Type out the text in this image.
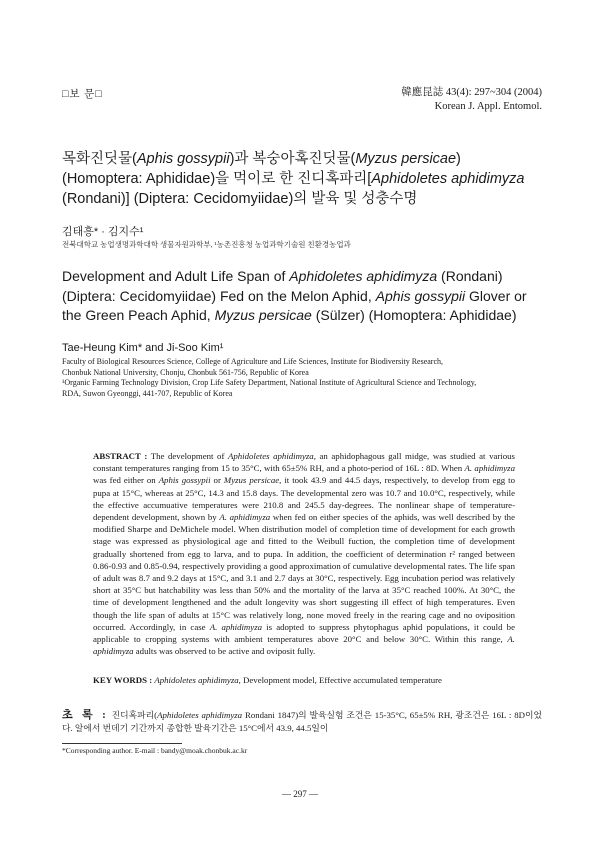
□보 문□	韓應昆誌 43(4): 297~304 (2004)
Korean J. Appl. Entomol.
목화진딧물(Aphis gossypii)과 복숭아혹진딧물(Myzus persicae) (Homoptera: Aphididae)을 먹이로 한 진디혹파리[Aphidoletes aphidimyza (Rondani)] (Diptera: Cecidomyiidae)의 발육 및 성충수명
김태흥* · 김지수¹
전북대학교 농업생명과학대학 생물자원과학부, ¹농촌진흥청 농업과학기술원 친환경농업과
Development and Adult Life Span of Aphidoletes aphidimyza (Rondani) (Diptera: Cecidomyiidae) Fed on the Melon Aphid, Aphis gossypii Glover or the Green Peach Aphid, Myzus persicae (Sülzer) (Homoptera: Aphididae)
Tae-Heung Kim* and Ji-Soo Kim¹
Faculty of Biological Resources Science, College of Agriculture and Life Sciences, Institute for Biodiversity Research,
Chonbuk National University, Chonju, Chonbuk 561-756, Republic of Korea
¹Organic Farming Technology Division, Crop Life Safety Department, National Institute of Agricultural Science and Technology,
RDA, Suwon Gyeonggi, 441-707, Republic of Korea
ABSTRACT : The development of Aphidoletes aphidimyza, an aphidophagous gall midge, was studied at various constant temperatures ranging from 15 to 35°C, with 65±5% RH, and a photo-period of 16L : 8D. When A. aphidimyza was fed either on Aphis gossypii or Myzus persicae, it took 43.9 and 44.5 days, respectively, to develop from egg to pupa at 15°C, whereas at 25°C, 14.3 and 15.8 days. The developmental zero was 10.7 and 10.0°C, respectively, while the effective accumuative temperatures were 210.8 and 245.5 day-degrees. The nonlinear shape of temperature-dependent development, shown by A. aphidimyza when fed on either species of the aphids, was well described by the modified Sharpe and DeMichele model. When distribution model of completion time of development for each growth stage was expressed as physiological age and fitted to the Weibull fuction, the completion time of development gradually shortened from egg to larva, and to pupa. In addition, the coefficient of determination r² ranged between 0.86-0.93 and 0.85-0.94, respectively providing a good approximation of cumulative developmental rates. The life span of adult was 8.7 and 9.2 days at 15°C, and 3.1 and 2.7 days at 30°C, respectively. Egg incubation period was relatively short at 35°C but hatchability was less than 50% and the mortality of the larva at 35°C reached 100%. At 30°C, the time of development lengthened and the adult longevity was short suggesting ill effect of high temperatures. Even though the life span of adults at 15°C was relatively long, none moved freely in the rearing cage and no oviposition occurred. Accordingly, in case A. aphidimyza is adopted to suppress phytophagus aphid populations, it could be applicable to cropping systems with ambient temperatures above 20°C and below 30°C. Within this range, A. aphidimyza adults was observed to be active and oviposit fully.
KEY WORDS : Aphidoletes aphidimyza, Development model, Effective accumulated temperature
초 록 : 진디혹파리(Aphidoletes aphidimyza Rondani 1847)의 발육실험 조건은 15-35°C, 65±5% RH, 광조건은 16L : 8D이었다. 알에서 번데기 기간까지 종합한 발육기간은 15°C에서 43.9, 44.5일이
*Corresponding author. E-mail : bandy@moak.chonbuk.ac.kr
— 297 —
